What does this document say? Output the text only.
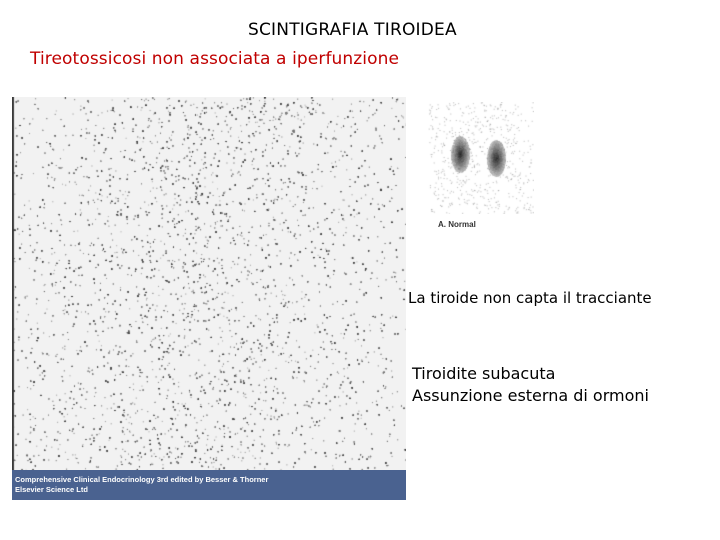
SCINTIGRAFIA TIROIDEA
Tireotossicosi non associata a iperfunzione
Comprehensive Clinical Endocrinology 3rd edited by Besser & Thorner
Elsevier Science Ltd
A. Normal
La tiroide non capta il tracciante
Tiroidite subacuta
Assunzione esterna di ormoni
